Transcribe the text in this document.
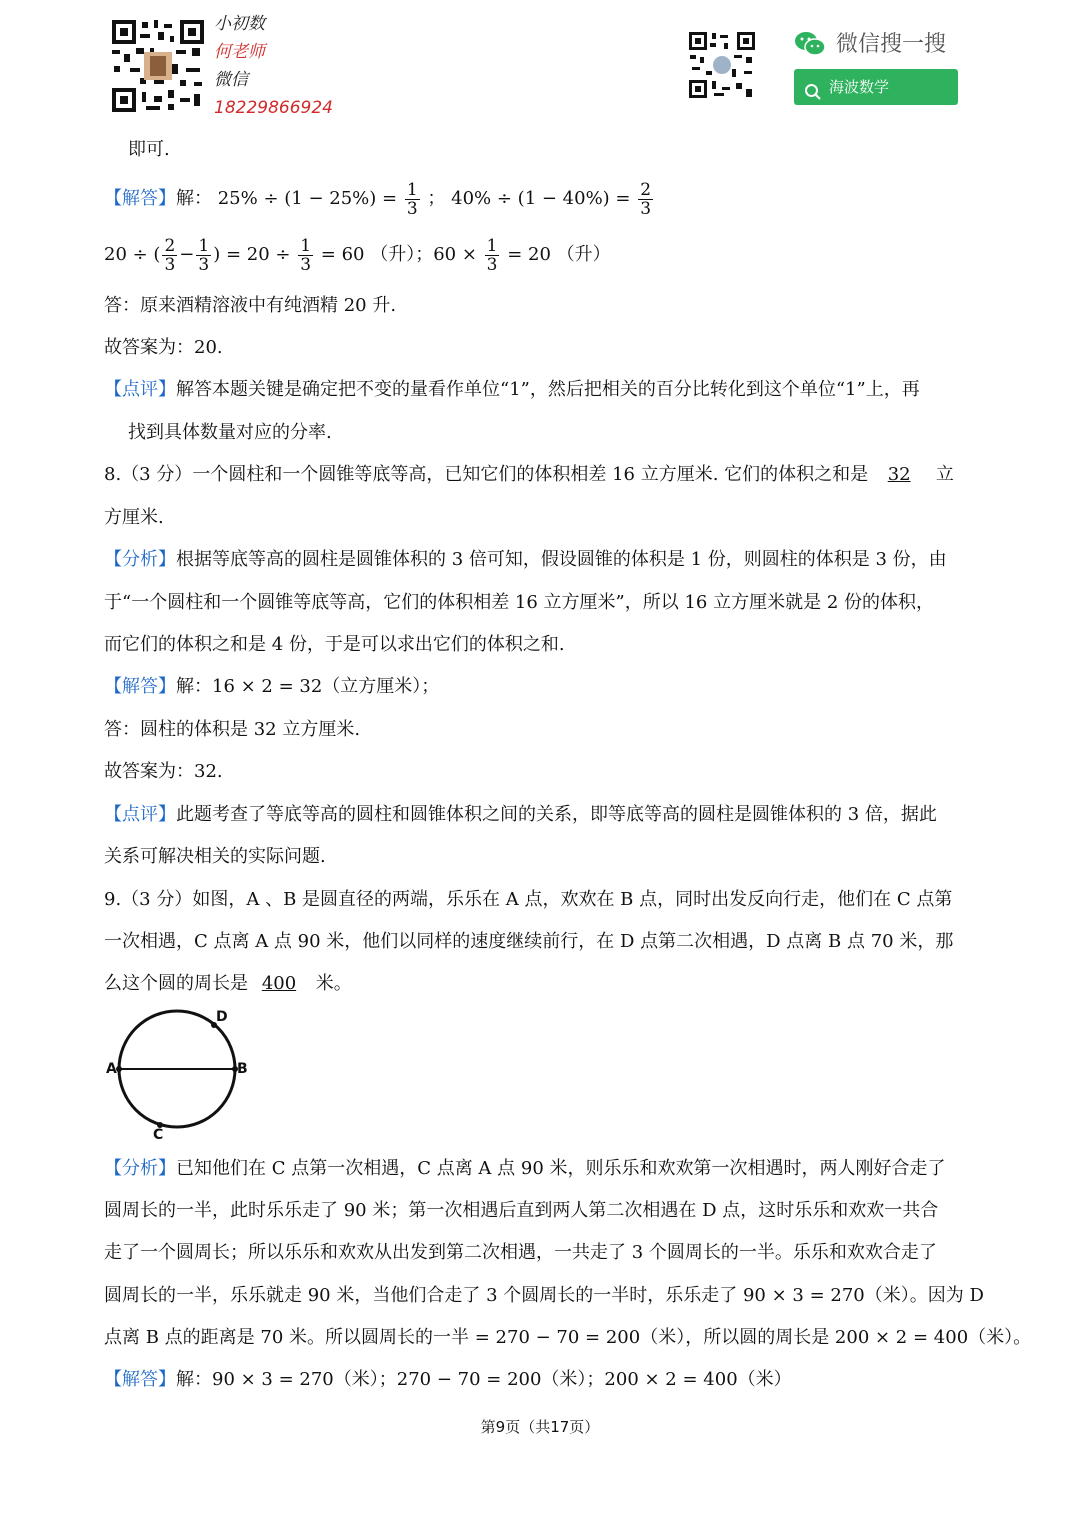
小初数
何老师
微信
18229866924
微信搜一搜
海波数学
即可.
【解答】解： $25\% \div (1 - 25\%) = \frac{1}{3}$ ； $40\% \div (1 - 40\%) = \frac{2}{3}$
20 ÷ ( $\frac{2}{3} - \frac{1}{3}$ ) = $20 \div \frac{1}{3} = 60$ （升）；$60 \times \frac{1}{3} = 20$ （升）
答：原来酒精溶液中有纯酒精 20 升.
故答案为：20.
【点评】解答本题关键是确定把不变的量看作单位“1”，然后把相关的百分比转化到这个单位“1”上，再
找到具体数量对应的分率.
8.（3 分）一个圆柱和一个圆锥等底等高，已知它们的体积相差 16 立方厘米. 它们的体积之和是 32 立
方厘米.
【分析】根据等底等高的圆柱是圆锥体积的 3 倍可知，假设圆锥的体积是 1 份，则圆柱的体积是 3 份，由
于“一个圆柱和一个圆锥等底等高，它们的体积相差 16 立方厘米”，所以 16 立方厘米就是 2 份的体积，
而它们的体积之和是 4 份，于是可以求出它们的体积之和.
【解答】解：16 × 2 = 32（立方厘米）；
答：圆柱的体积是 32 立方厘米.
故答案为：32.
【点评】此题考查了等底等高的圆柱和圆锥体积之间的关系，即等底等高的圆柱是圆锥体积的 3 倍，据此
关系可解决相关的实际问题.
9.（3 分）如图，A 、B 是圆直径的两端，乐乐在 A 点，欢欢在 B 点，同时出发反向行走，他们在 C 点第
一次相遇，C 点离 A 点 90 米，他们以同样的速度继续前行，在 D 点第二次相遇，D 点离 B 点 70 米，那
么这个圆的周长是 400 米。
A	B
D
C
【分析】已知他们在 C 点第一次相遇，C 点离 A 点 90 米，则乐乐和欢欢第一次相遇时，两人刚好合走了
圆周长的一半，此时乐乐走了 90 米；第一次相遇后直到两人第二次相遇在 D 点，这时乐乐和欢欢一共合
走了一个圆周长；所以乐乐和欢欢从出发到第二次相遇，一共走了 3 个圆周长的一半。乐乐和欢欢合走了
圆周长的一半，乐乐就走 90 米，当他们合走了 3 个圆周长的一半时，乐乐走了 90 × 3 = 270（米）。因为 D
点离 B 点的距离是 70 米。所以圆周长的一半 = 270 − 70 = 200（米），所以圆的周长是 200 × 2 = 400（米）。
【解答】解：90 × 3 = 270（米）；270 − 70 = 200（米）；200 × 2 = 400（米）
第9页（共17页）
